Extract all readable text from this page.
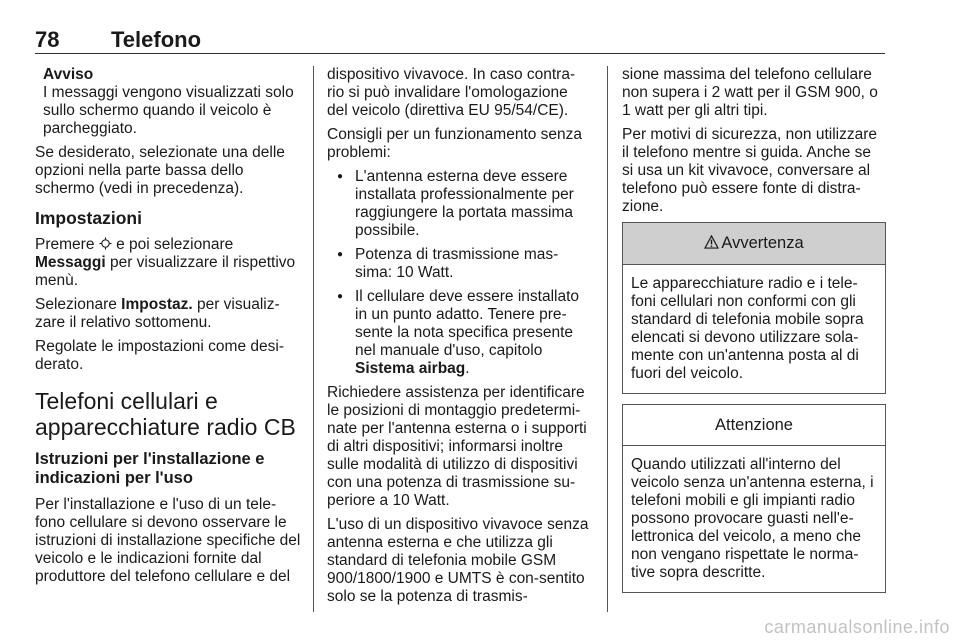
78 Telefono
Avviso
I messaggi vengono visualizzati solo sullo schermo quando il veicolo è parcheggiato.

Se desiderato, selezionate una delle opzioni nella parte bassa dello schermo (vedi in precedenza).

Impostazioni

Premere e poi selezionare Messaggi per visualizzare il rispettivo menù.

Selezionare Impostaz. per visualiz-zare il relativo sottomenu.

Regolate le impostazioni come desi-derato.

Telefoni cellulari e apparecchiature radio CB
Istruzioni per l'installazione e indicazioni per l'uso

Per l'installazione e l'uso di un tele-fono cellulare si devono osservare le istruzioni di installazione specifiche del veicolo e le indicazioni fornite dal produttore del telefono cellulare e del

dispositivo vivavoce. In caso contra-rio si può invalidare l'omologazione del veicolo (direttiva EU 95/54/CE).

Consigli per un funzionamento senza problemi:

● L'antenna esterna deve essere installata professionalmente per raggiungere la portata massima possibile.
● Potenza di trasmissione mas-sima: 10 Watt.
● Il cellulare deve essere installato in un punto adatto. Tenere pre-sente la nota specifica presente nel manuale d'uso, capitolo Sistema airbag.

Richiedere assistenza per identificare le posizioni di montaggio predetermi-nate per l'antenna esterna o i supporti di altri dispositivi; informarsi inoltre sulle modalità di utilizzo di dispositivi con una potenza di trasmissione su-periore a 10 Watt.

L'uso di un dispositivo vivavoce senza antenna esterna e che utilizza gli standard di telefonia mobile GSM 900/1800/1900 e UMTS è con-sentito solo se la potenza di trasmis-

sione massima del telefono cellulare non supera i 2 watt per il GSM 900, o 1 watt per gli altri tipi.

Per motivi di sicurezza, non utilizzare il telefono mentre si guida. Anche se si usa un kit vivavoce, conversare al telefono può essere fonte di distra-zione.

Avvertenza
Le apparecchiature radio e i tele-foni cellulari non conformi con gli standard di telefonia mobile sopra elencati si devono utilizzare sola-mente con un'antenna posta al di fuori del veicolo.
Attenzione
Quando utilizzati all'interno del veicolo senza un'antenna esterna, i telefoni mobili e gli impianti radio possono provocare guasti nell'e-lettronica del veicolo, a meno che non vengano rispettate le norma-tive sopra descritte.
carmanualsonline.info
